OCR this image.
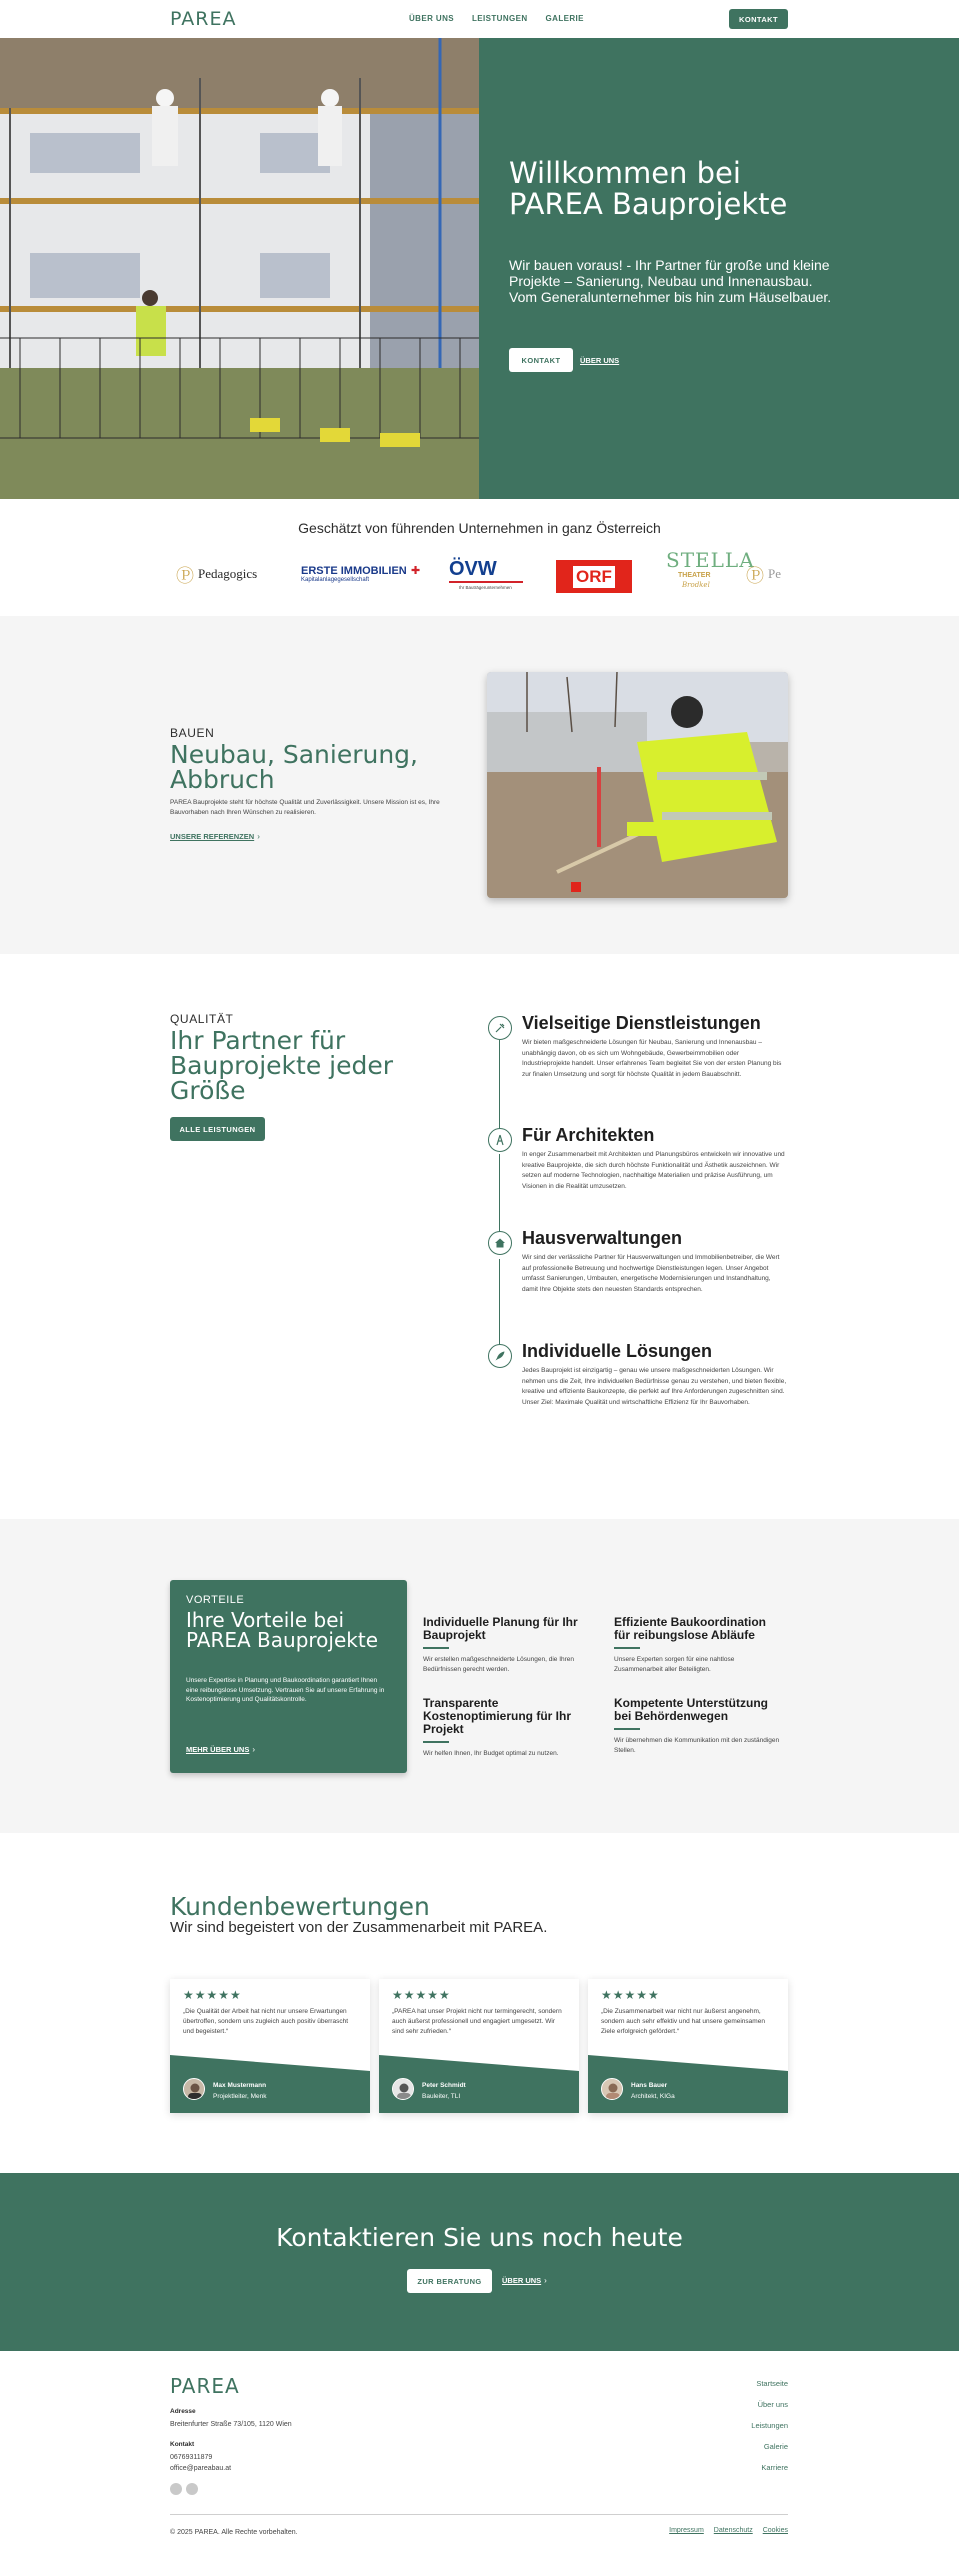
PAREA	ÜBER UNS LEISTUNGEN GALERIE	KONTAKT
Willkommen bei PAREA Bauprojekte

Wir bauen voraus! - Ihr Partner für große und kleine Projekte – Sanierung, Neubau und Innenausbau. Vom Generalunternehmer bis hin zum Häuselbauer.

KONTAKT	ÜBER UNS
Geschätzt von führenden Unternehmen in ganz Österreich
Ⓟ Pedagogics	ERSTE IMMOBILIEN
Kapitalanlagegesellschaft
✚ ÖVW
Ihr Bauträgerunternehmen
ORF
STELLA
THEATER
Brodkel Ⓟ Pe
BAUEN
Neubau, Sanierung, Abbruch
PAREA Bauprojekte steht für höchste Qualität und Zuverlässigkeit. Unsere Mission ist es, Ihre Bauvorhaben nach Ihren Wünschen zu realisieren.
UNSERE REFERENZEN ›
QUALITÄT
Ihr Partner für Bauprojekte jeder Größe
ALLE LEISTUNGEN
Vielseitige Dienstleistungen
Wir bieten maßgeschneiderte Lösungen für Neubau, Sanierung und Innenausbau – unabhängig davon, ob es sich um Wohngebäude, Gewerbeimmobilien oder Industrieprojekte handelt. Unser erfahrenes Team begleitet Sie von der ersten Planung bis zur finalen Umsetzung und sorgt für höchste Qualität in jedem Bauabschnitt.
Für Architekten
In enger Zusammenarbeit mit Architekten und Planungsbüros entwickeln wir innovative und kreative Bauprojekte, die sich durch höchste Funktionalität und Ästhetik auszeichnen. Wir setzen auf moderne Technologien, nachhaltige Materialien und präzise Ausführung, um Visionen in die Realität umzusetzen.
Hausverwaltungen
Wir sind der verlässliche Partner für Hausverwaltungen und Immobilienbetreiber, die Wert auf professionelle Betreuung und hochwertige Dienstleistungen legen. Unser Angebot umfasst Sanierungen, Umbauten, energetische Modernisierungen und Instandhaltung, damit Ihre Objekte stets den neuesten Standards entsprechen.
Individuelle Lösungen
Jedes Bauprojekt ist einzigartig – genau wie unsere maßgeschneiderten Lösungen. Wir nehmen uns die Zeit, Ihre individuellen Bedürfnisse genau zu verstehen, und bieten flexible, kreative und effiziente Baukonzepte, die perfekt auf Ihre Anforderungen zugeschnitten sind. Unser Ziel: Maximale Qualität und wirtschaftliche Effizienz für Ihr Bauvorhaben.
VORTEILE
Ihre Vorteile bei PAREA Bauprojekte
Unsere Expertise in Planung und Baukoordination garantiert Ihnen eine reibungslose Umsetzung. Vertrauen Sie auf unsere Erfahrung in Kostenoptimierung und Qualitätskontrolle.
MEHR ÜBER UNS ›
Individuelle Planung für Ihr Bauprojekt
Wir erstellen maßgeschneiderte Lösungen, die Ihren Bedürfnissen gerecht werden.
Effiziente Baukoordination für reibungslose Abläufe
Unsere Experten sorgen für eine nahtlose Zusammenarbeit aller Beteiligten.
Transparente Kostenoptimierung für Ihr Projekt
Wir helfen Ihnen, Ihr Budget optimal zu nutzen.
Kompetente Unterstützung bei Behördenwegen
Wir übernehmen die Kommunikation mit den zuständigen Stellen.
Kundenbewertungen
Wir sind begeistert von der Zusammenarbeit mit PAREA.
★★★★★
„Die Qualität der Arbeit hat nicht nur unsere Erwartungen übertroffen, sondern uns zugleich auch positiv überrascht und begeistert.“
Max Mustermann
Projektleiter, Menk
★★★★★
„PAREA hat unser Projekt nicht nur termingerecht, sondern auch äußerst professionell und engagiert umgesetzt. Wir sind sehr zufrieden.“
Peter Schmidt
Bauleiter, TLI
★★★★★
„Die Zusammenarbeit war nicht nur äußerst angenehm, sondern auch sehr effektiv und hat unsere gemeinsamen Ziele erfolgreich gefördert.“
Hans Bauer
Architekt, KIGa
Kontaktieren Sie uns noch heute
ZUR BERATUNG	ÜBER UNS ›
PAREA
Adresse
Breitenfurter Straße 73/105, 1120 Wien
Kontakt
06769311879
office@pareabau.at
Startseite
Über uns
Leistungen
Galerie
Karriere
© 2025 PAREA. Alle Rechte vorbehalten.	Impressum Datenschutz Cookies
